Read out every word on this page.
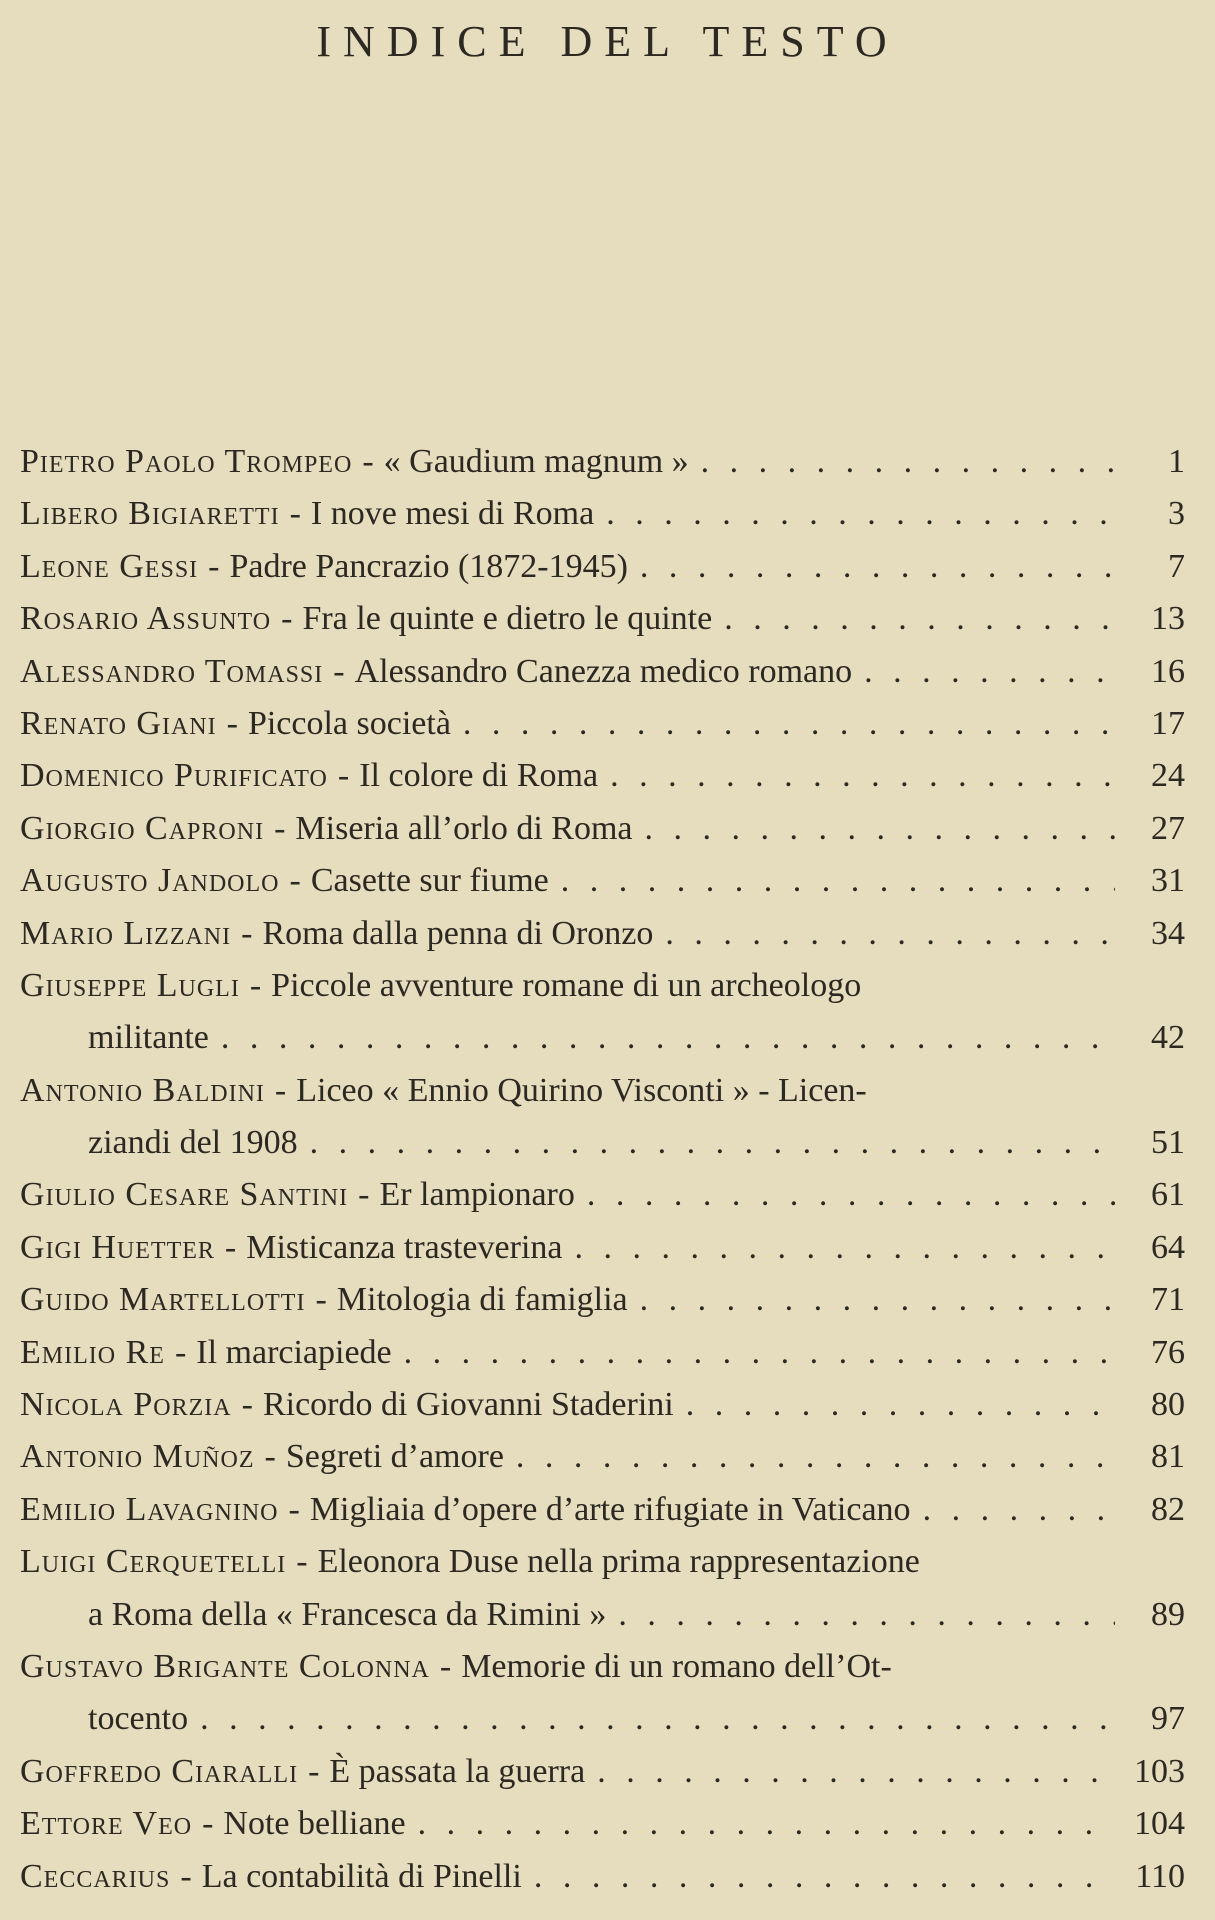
INDICE DEL TESTO
Pietro Paolo Trompeo - « Gaudium magnum » . . .	1
Libero Bigiaretti - I nove mesi di Roma . . .	3
Leone Gessi - Padre Pancrazio (1872-1945) . . .	7
Rosario Assunto - Fra le quinte e dietro le quinte . . .	13
Alessandro Tomassi - Alessandro Canezza medico romano . . .	16
Renato Giani - Piccola società . . .	17
Domenico Purificato - Il colore di Roma . . .	24
Giorgio Caproni - Miseria all’orlo di Roma . . .	27
Augusto Jandolo - Casette sur fiume . . .	31
Mario Lizzani - Roma dalla penna di Oronzo . . .	34
Giuseppe Lugli - Piccole avventure romane di un archeologo
militante . . .	42
Antonio Baldini - Liceo « Ennio Quirino Visconti » - Licen-
ziandi del 1908 . . .	51
Giulio Cesare Santini - Er lampionaro . . .	61
Gigi Huetter - Misticanza trasteverina . . .	64
Guido Martellotti - Mitologia di famiglia . . .	71
Emilio Re - Il marciapiede . . .	76
Nicola Porzia - Ricordo di Giovanni Staderini . . .	80
Antonio Muñoz - Segreti d’amore . . .	81
Emilio Lavagnino - Migliaia d’opere d’arte rifugiate in Vaticano . . .	82
Luigi Cerquetelli - Eleonora Duse nella prima rappresentazione
a Roma della « Francesca da Rimini » . . .	89
Gustavo Brigante Colonna - Memorie di un romano dell’Ot-
tocento . . .	97
Goffredo Ciaralli - È passata la guerra . . .	103
Ettore Veo - Note belliane . . .	104
Ceccarius - La contabilità di Pinelli . . .	110
